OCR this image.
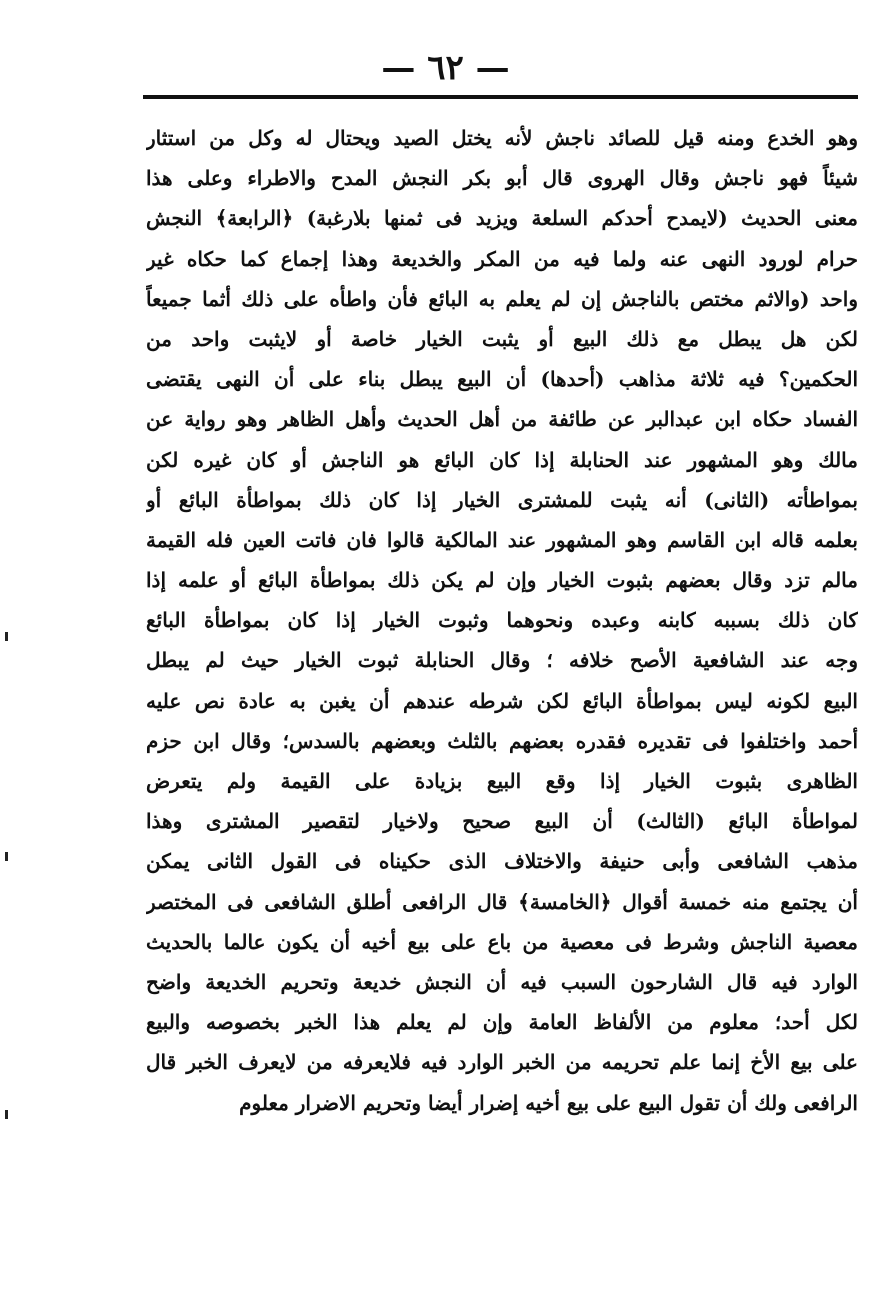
— ٦٢ —
وهو الخدع ومنه قيل للصائد ناجش لأنه يختل الصيد ويحتال له وكل من استثار
شيئاً فهو ناجش وقال الهروى قال أبو بكر النجش المدح والاطراء وعلى هذا
معنى الحديث (لايمدح أحدكم السلعة ويزيد فى ثمنها بلارغبة) ﴿الرابعة﴾ النجش
حرام لورود النهى عنه ولما فيه من المكر والخديعة وهذا إجماع كما حكاه غير
واحد (والاثم مختص بالناجش إن لم يعلم به البائع فأن واطأه على ذلك أثما جميعاً
لكن هل يبطل مع ذلك البيع أو يثبت الخيار خاصة أو لايثبت واحد من
الحكمين؟ فيه ثلاثة مذاهب (أحدها) أن البيع يبطل بناء على أن النهى يقتضى
الفساد حكاه ابن عبدالبر عن طائفة من أهل الحديث وأهل الظاهر وهو رواية عن
مالك وهو المشهور عند الحنابلة إذا كان البائع هو الناجش أو كان غيره لكن
بمواطأته (الثانى) أنه يثبت للمشترى الخيار إذا كان ذلك بمواطأة البائع أو
بعلمه قاله ابن القاسم وهو المشهور عند المالكية قالوا فان فاتت العين فله القيمة
مالم تزد وقال بعضهم بثبوت الخيار وإن لم يكن ذلك بمواطأة البائع أو علمه إذا
كان ذلك بسببه كابنه وعبده ونحوهما وثبوت الخيار إذا كان بمواطأة البائع
وجه عند الشافعية الأصح خلافه ؛ وقال الحنابلة ثبوت الخيار حيث لم يبطل
البيع لكونه ليس بمواطأة البائع لكن شرطه عندهم أن يغبن به عادة نص عليه
أحمد واختلفوا فى تقديره فقدره بعضهم بالثلث وبعضهم بالسدس؛ وقال ابن حزم
الظاهرى بثبوت الخيار إذا وقع البيع بزيادة على القيمة ولم يتعرض
لمواطأة البائع (الثالث) أن البيع صحيح ولاخيار لتقصير المشترى وهذا
مذهب الشافعى وأبى حنيفة والاختلاف الذى حكيناه فى القول الثانى يمكن
أن يجتمع منه خمسة أقوال ﴿الخامسة﴾ قال الرافعى أطلق الشافعى فى المختصر
معصية الناجش وشرط فى معصية من باع على بيع أخيه أن يكون عالما بالحديث
الوارد فيه قال الشارحون السبب فيه أن النجش خديعة وتحريم الخديعة واضح
لكل أحد؛ معلوم من الألفاظ العامة وإن لم يعلم هذا الخبر بخصوصه والبيع
على بيع الأخ إنما علم تحريمه من الخبر الوارد فيه فلايعرفه من لايعرف الخبر قال
الرافعى ولك أن تقول البيع على بيع أخيه إضرار أيضا وتحريم الاضرار معلوم
